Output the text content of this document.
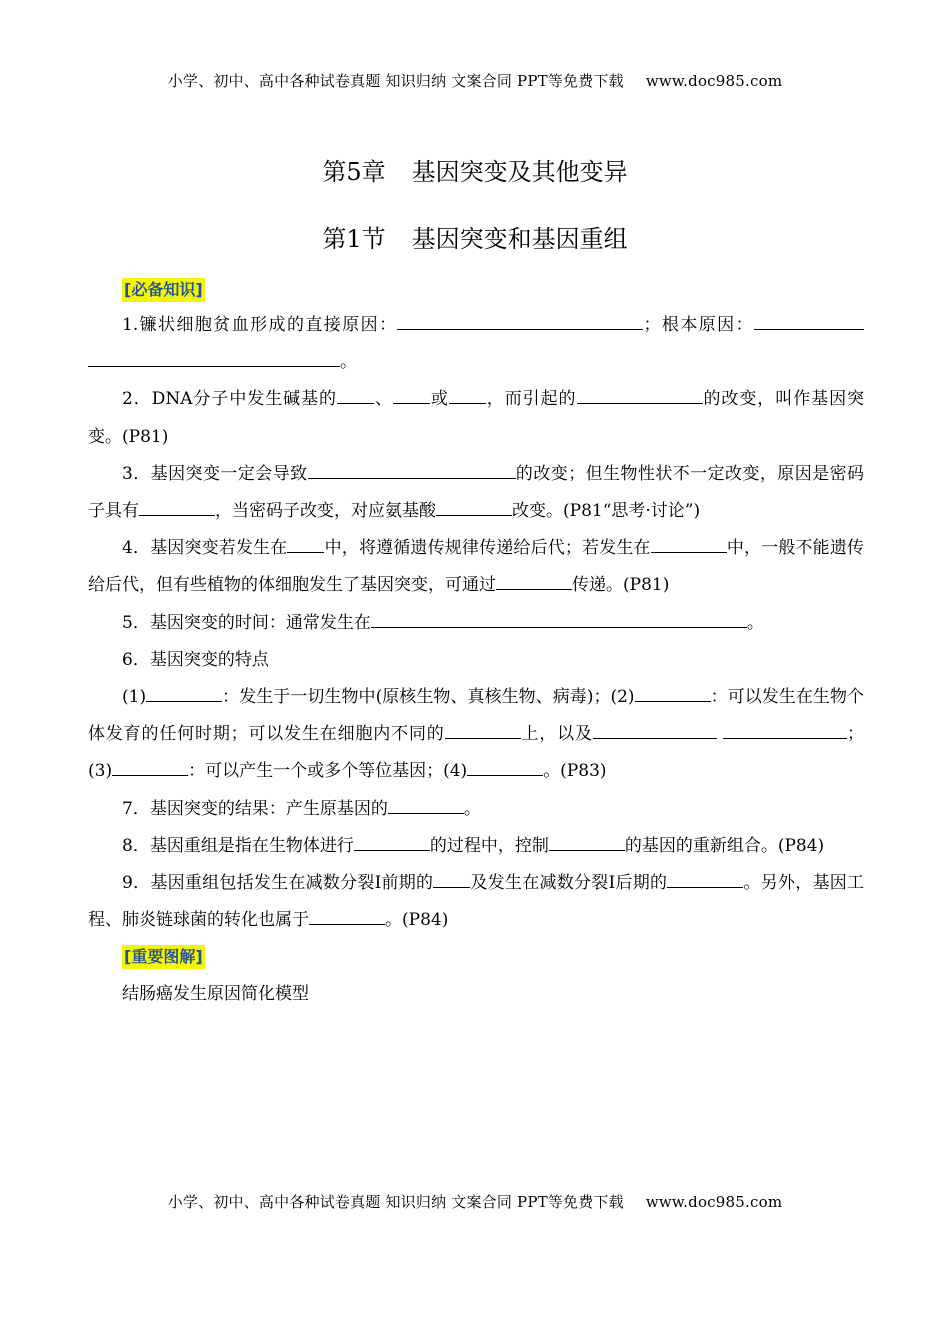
小学、初中、高中各种试卷真题 知识归纳 文案合同 PPT等免费下载 www.doc985.com
第5章 基因突变及其他变异
第1节 基因突变和基因重组
[必备知识]

1.镰状细胞贫血形成的直接原因：	；根本原因： 。

2．DNA分子中发生碱基的 、 或 ，而引起的	的改变，叫作基因突变。(P81)

3．基因突变一定会导致	的改变；但生物性状不一定改变，原因是密码子具有	，当密码子改变，对应氨基酸	改变。(P81“思考·讨论”)

4．基因突变若发生在 中，将遵循遗传规律传递给后代；若发生在	中，一般不能遗传给后代，但有些植物的体细胞发生了基因突变，可通过	传递。(P81)

5．基因突变的时间：通常发生在	。

6．基因突变的特点

(1)	：发生于一切生物中(原核生物、真核生物、病毒)；(2)	：可以发生在生物个体发育的任何时期；可以发生在细胞内不同的	上，以及	；(3)	：可以产生一个或多个等位基因；(4)	。(P83)

7．基因突变的结果：产生原基因的	。

8．基因重组是指在生物体进行	的过程中，控制	的基因的重新组合。(P84)

9．基因重组包括发生在减数分裂Ⅰ前期的 及发生在减数分裂Ⅰ后期的	。另外，基因工程、肺炎链球菌的转化也属于	。(P84)

[重要图解]

结肠癌发生原因简化模型

小学、初中、高中各种试卷真题 知识归纳 文案合同 PPT等免费下载 www.doc985.com
